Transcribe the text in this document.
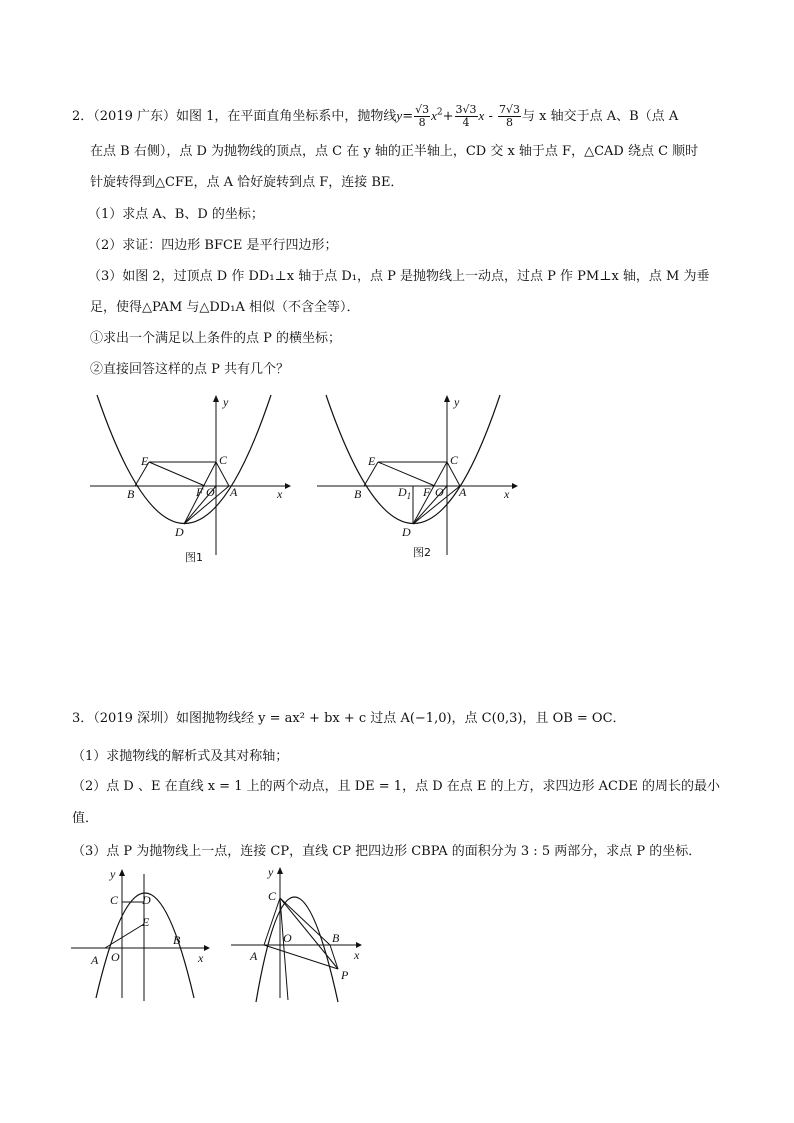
2．（2019 广东）如图 1，在平面直角坐标系中，抛物线$y= \frac{√3}{8} x^2+ \frac{3√3}{4}$ x - $\frac{7√3}{8}$ 与 x 轴交于点 A、B（点 A
在点 B 右侧），点 D 为抛物线的顶点，点 C 在 y 轴的正半轴上，CD 交 x 轴于点 F，△CAD 绕点 C 顺时
针旋转得到△CFE，点 A 恰好旋转到点 F，连接 BE．
（1）求点 A、B、D 的坐标；
（2）求证：四边形 BFCE 是平行四边形；
（3）如图 2，过顶点 D 作 DD₁⊥x 轴于点 D₁，点 P 是抛物线上一动点，过点 P 作 PM⊥x 轴，点 M 为垂
足，使得△PAM 与△DD₁A 相似（不含全等）．
①求出一个满足以上条件的点 P 的横坐标；
②直接回答这样的点 P 共有几个？
y
x
E	C
B	F O A
D
图1
y
x
E	C
B	$D_1$ F O A
D
图2
3．（2019 深圳）如图抛物线经 y = ax² + bx + c 过点 A(−1,0)，点 C(0,3)，且 OB = OC．
（1）求抛物线的解析式及其对称轴；
（2）点 D 、E 在直线 x = 1 上的两个动点，且 DE = 1，点 D 在点 E 的上方，求四边形 ACDE 的周长的最小
值．
（3）点 P 为抛物线上一点，连接 CP，直线 CP 把四边形 CBPA 的面积分为 3 : 5 两部分，求点 P 的坐标．
y
x
C D
E
B
A O
y
x
C
O	B
A
P
